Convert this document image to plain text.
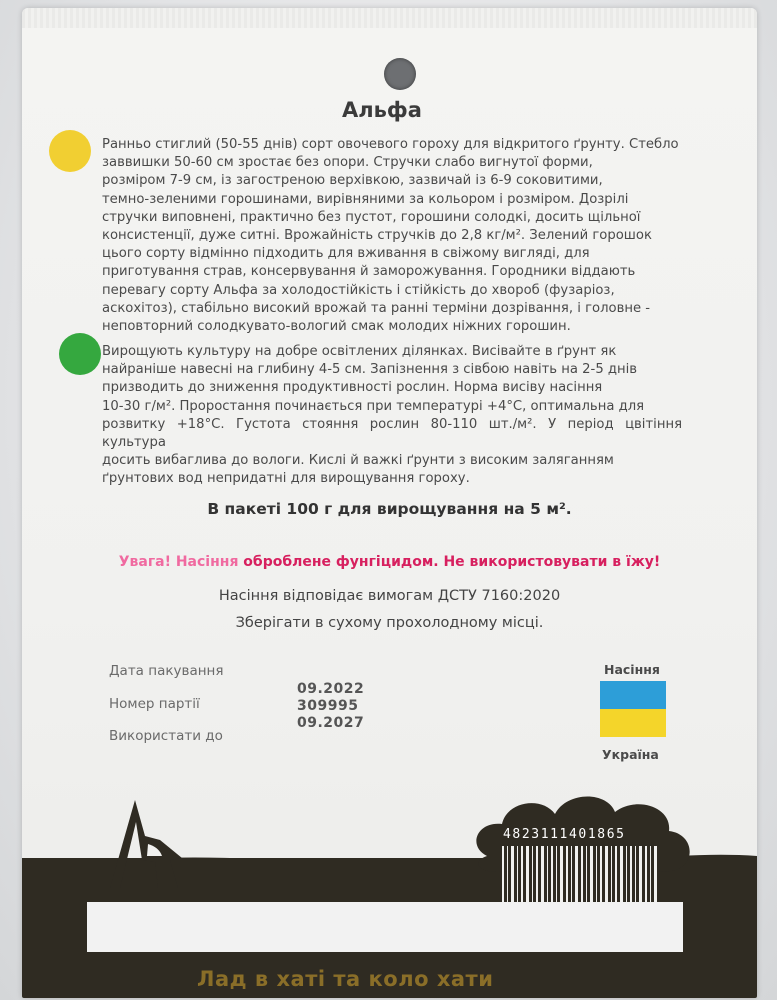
Альфа
Ранньо стиглий (50-55 днів) сорт овочевого гороху для відкритого ґрунту. Стебло
заввишки 50-60 см зростає без опори. Стручки слабо вигнутої форми,
розміром 7-9 см, із загостреною верхівкою, зазвичай із 6-9 соковитими,
темно-зеленими горошинами, вирівняними за кольором і розміром. Дозрілі
стручки виповнені, практично без пустот, горошини солодкі, досить щільної
консистенції, дуже ситні. Врожайність стручків до 2,8 кг/м². Зелений горошок
цього сорту відмінно підходить для вживання в свіжому вигляді, для
приготування страв, консервування й заморожування. Городники віддають
перевагу сорту Альфа за холодостійкість і стійкість до хвороб (фузаріоз,
аскохітоз), стабільно високий врожай та ранні терміни дозрівання, і головне -
неповторний солодкувато-вологий смак молодих ніжних горошин.
Вирощують культуру на добре освітлених ділянках. Висівайте в ґрунт як
найраніше навесні на глибину 4-5 см. Запізнення з сівбою навіть на 2-5 днів
призводить до зниження продуктивності рослин. Норма висіву насіння
10-30 г/м². Проростання починається при температурі +4°С, оптимальна для
розвитку +18°С. Густота стояння рослин 80-110 шт./м². У період цвітіння культура
досить вибаглива до вологи. Кислі й важкі ґрунти з високим заляганням
ґрунтових вод непридатні для вирощування гороху.
В пакеті 100 г для вирощування на 5 м².
Увага! Насіння оброблене фунгіцидом. Не використовувати в їжу!
Насіння відповідає вимогам ДСТУ 7160:2020
Зберігати в сухому прохолодному місці.
Дата пакування
Номер партії
Використати до
09.2022
309995
09.2027
Насіння
Україна
4823111401865
Лад в хаті та коло хати
